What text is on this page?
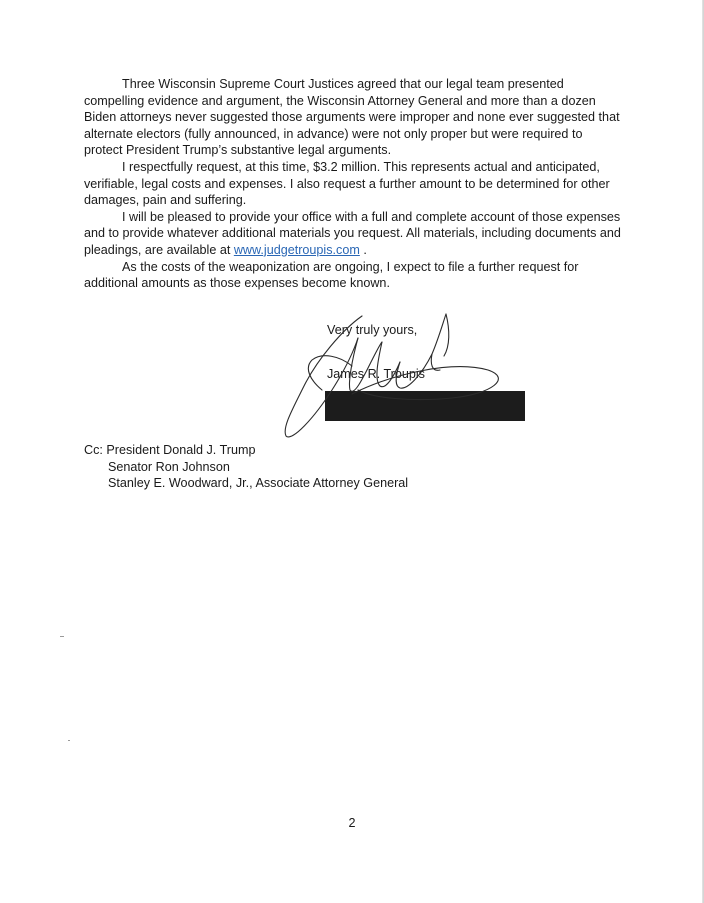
Three Wisconsin Supreme Court Justices agreed that our legal team presented compelling evidence and argument, the Wisconsin Attorney General and more than a dozen Biden attorneys never suggested those arguments were improper and none ever suggested that alternate electors (fully announced, in advance) were not only proper but were required to protect President Trump’s substantive legal arguments.

I respectfully request, at this time, $3.2 million. This represents actual and anticipated, verifiable, legal costs and expenses. I also request a further amount to be determined for other damages, pain and suffering.

I will be pleased to provide your office with a full and complete account of those expenses and to provide whatever additional materials you request. All materials, including documents and pleadings, are available at www.judgetroupis.com .

As the costs of the weaponization are ongoing, I expect to file a further request for additional amounts as those expenses become known.

Very truly yours,
James R. Troupis
Cc: President Donald J. Trump
Senator Ron Johnson
Stanley E. Woodward, Jr., Associate Attorney General
2
